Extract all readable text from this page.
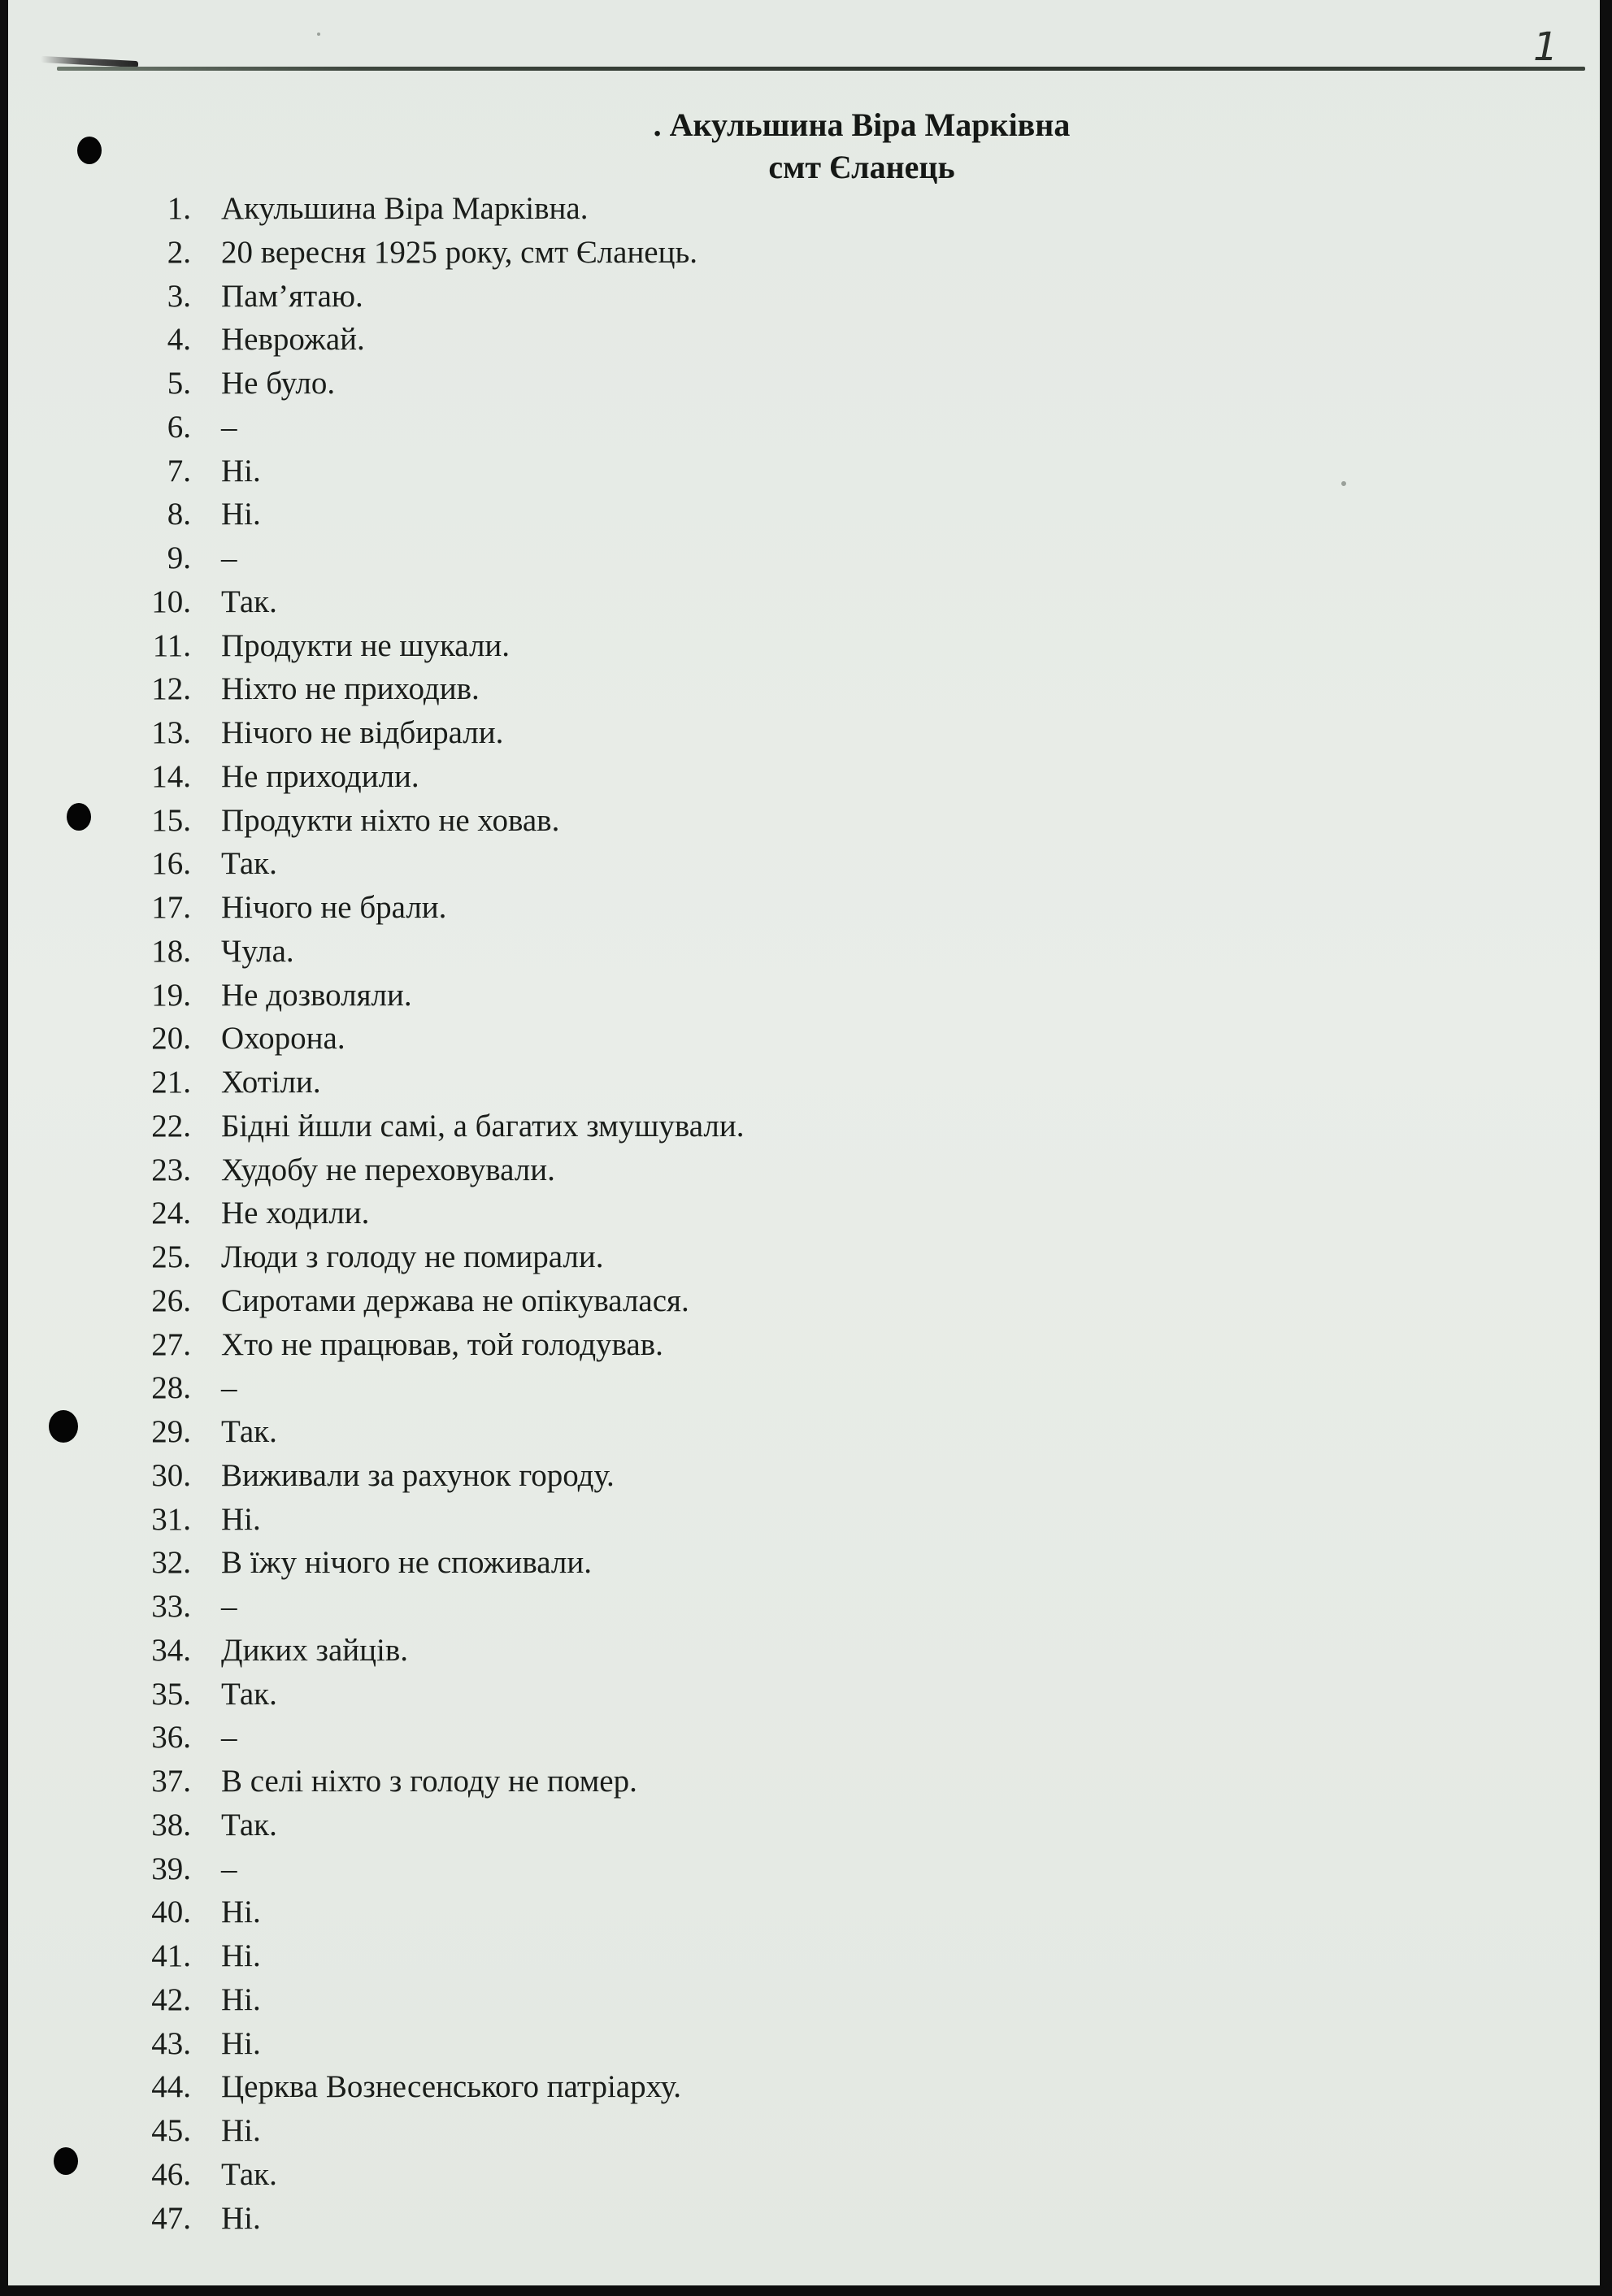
1
. Акульшина Віра Марківна
смт Єланець
1. Акульшина Віра Марківна.
2. 20 вересня 1925 року, смт Єланець.
3. Пам’ятаю.
4. Неврожай.
5. Не було.
6. –
7. Ні.
8. Ні.
9. –
10. Так.
11. Продукти не шукали.
12. Ніхто не приходив.
13. Нічого не відбирали.
14. Не приходили.
15. Продукти ніхто не ховав.
16. Так.
17. Нічого не брали.
18. Чула.
19. Не дозволяли.
20. Охорона.
21. Хотіли.
22. Бідні йшли самі, а багатих змушували.
23. Худобу не переховували.
24. Не ходили.
25. Люди з голоду не помирали.
26. Сиротами держава не опікувалася.
27. Хто не працював, той голодував.
28. –
29. Так.
30. Виживали за рахунок городу.
31. Ні.
32. В їжу нічого не споживали.
33. –
34. Диких зайців.
35. Так.
36. –
37. В селі ніхто з голоду не помер.
38. Так.
39. –
40. Ні.
41. Ні.
42. Ні.
43. Ні.
44. Церква Вознесенського патріарху.
45. Ні.
46. Так.
47. Ні.
